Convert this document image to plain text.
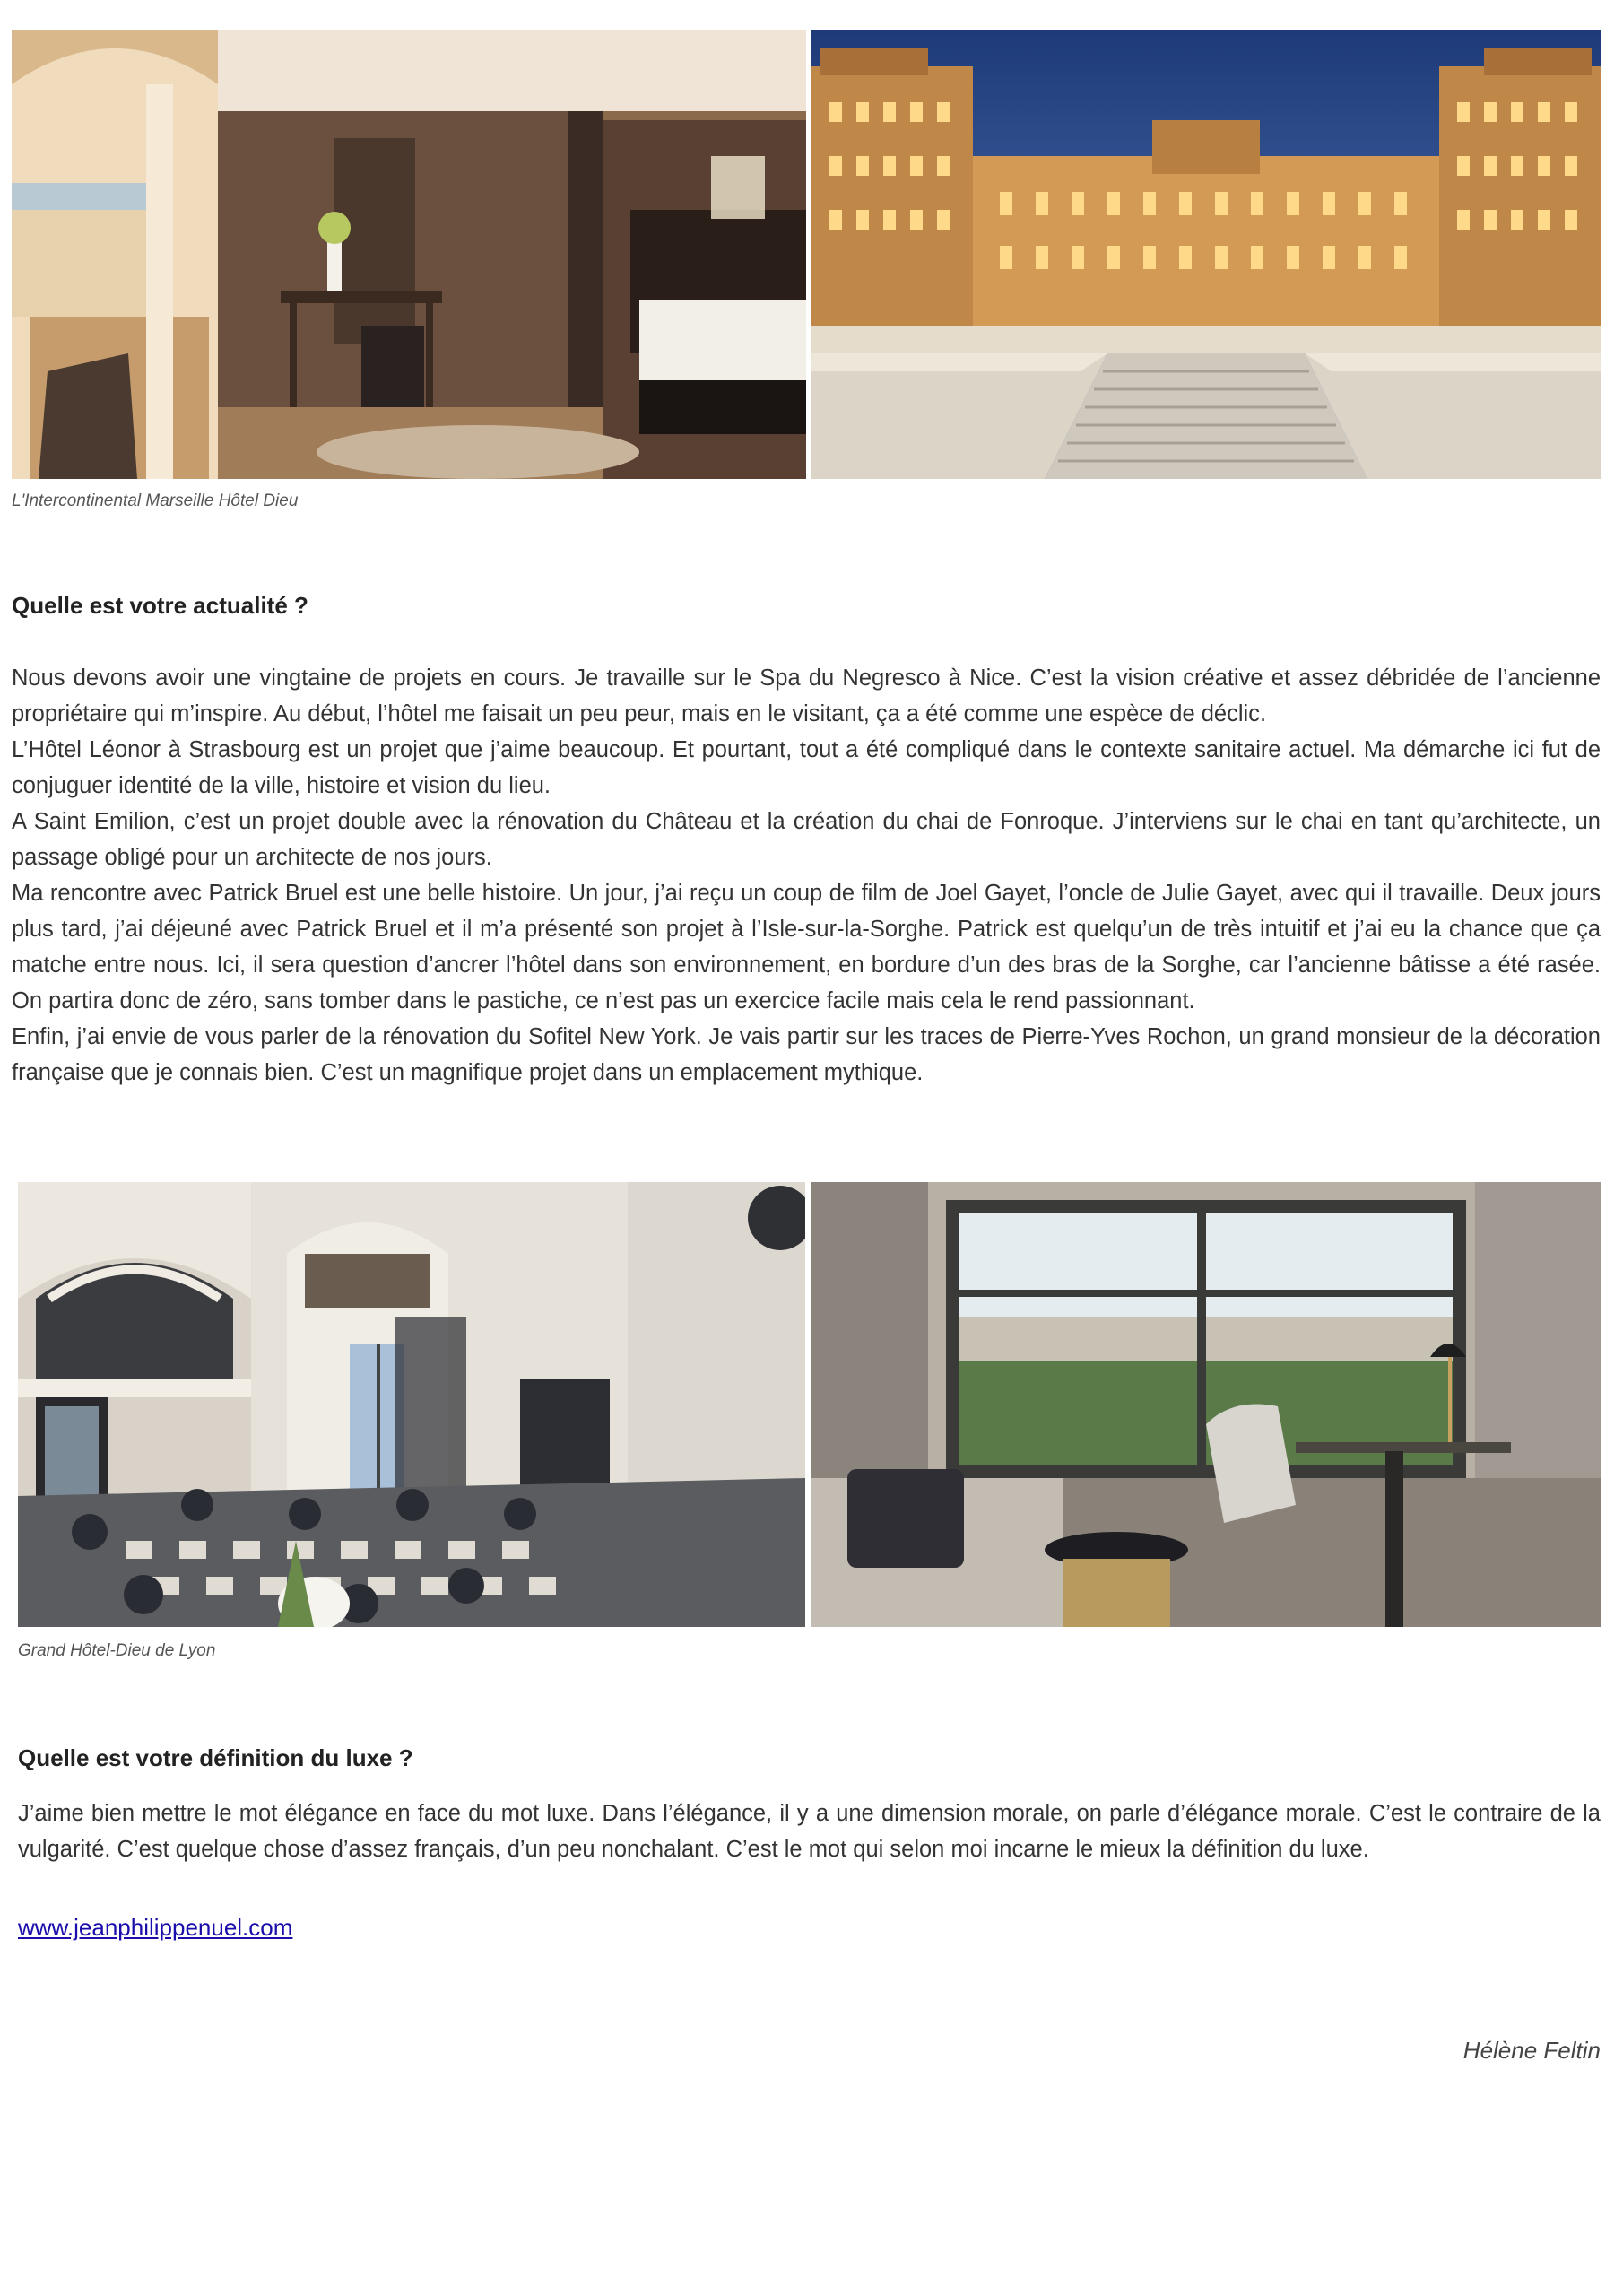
L'Intercontinental Marseille Hôtel Dieu

Quelle est votre actualité ?

Nous devons avoir une vingtaine de projets en cours. Je travaille sur le Spa du Negresco à Nice. C’est la vision créative et assez débridée de l’ancienne propriétaire qui m’inspire. Au début, l’hôtel me faisait un peu peur, mais en le visitant, ça a été comme une espèce de déclic.

L’Hôtel Léonor à Strasbourg est un projet que j’aime beaucoup. Et pourtant, tout a été compliqué dans le contexte sanitaire actuel. Ma démarche ici fut de conjuguer identité de la ville, histoire et vision du lieu.

A Saint Emilion, c’est un projet double avec la rénovation du Château et la création du chai de Fonroque. J’interviens sur le chai en tant qu’architecte, un passage obligé pour un architecte de nos jours.

Ma rencontre avec Patrick Bruel est une belle histoire. Un jour, j’ai reçu un coup de film de Joel Gayet, l’oncle de Julie Gayet, avec qui il travaille. Deux jours plus tard, j’ai déjeuné avec Patrick Bruel et il m’a présenté son projet à l’Isle-sur-la-Sorghe. Patrick est quelqu’un de très intuitif et j’ai eu la chance que ça matche entre nous. Ici, il sera question d’ancrer l’hôtel dans son environnement, en bordure d’un des bras de la Sorghe, car l’ancienne bâtisse a été rasée. On partira donc de zéro, sans tomber dans le pastiche, ce n’est pas un exercice facile mais cela le rend passionnant.

Enfin, j’ai envie de vous parler de la rénovation du Sofitel New York. Je vais partir sur les traces de Pierre-Yves Rochon, un grand monsieur de la décoration française que je connais bien. C’est un magnifique projet dans un emplacement mythique.

Grand Hôtel-Dieu de Lyon

Quelle est votre définition du luxe ?

J’aime bien mettre le mot élégance en face du mot luxe. Dans l’élégance, il y a une dimension morale, on parle d’élégance morale. C’est le contraire de la vulgarité. C’est quelque chose d’assez français, d’un peu nonchalant. C’est le mot qui selon moi incarne le mieux la définition du luxe.

www.jeanphilippenuel.com

Hélène Feltin
